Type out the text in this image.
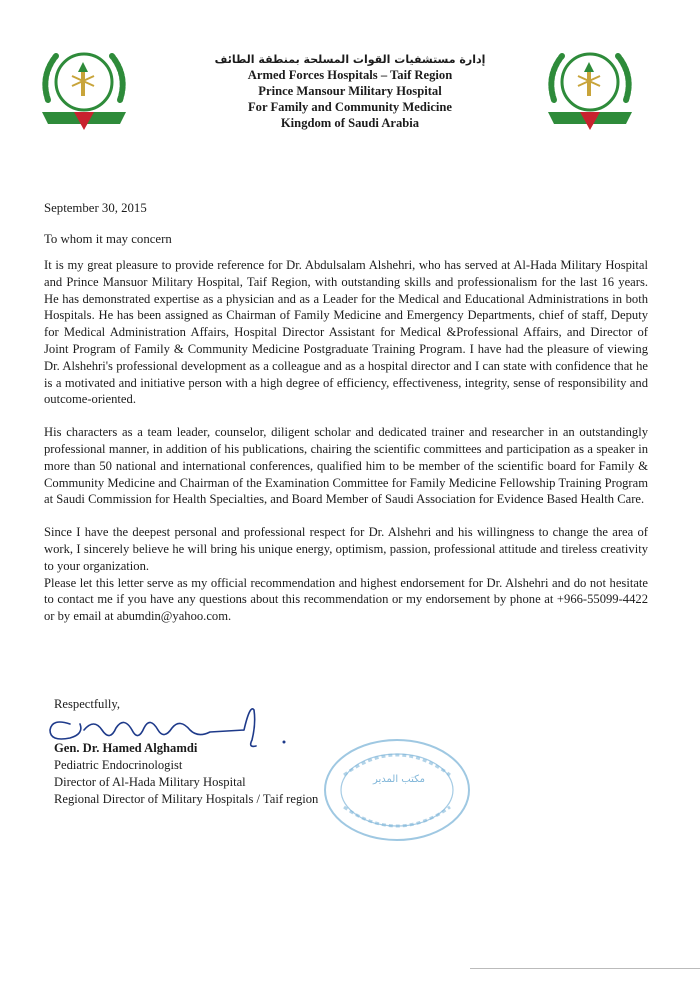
إدارة مستشفيات القوات المسلحة بمنطقة الطائف
Armed Forces Hospitals – Taif Region
Prince Mansour Military Hospital
For Family and Community Medicine
Kingdom of Saudi Arabia
September 30, 2015
To whom it may concern

It is my great pleasure to provide reference for Dr. Abdulsalam Alshehri, who has served at Al-Hada Military Hospital and Prince Mansuor Military Hospital, Taif Region, with outstanding skills and professionalism for the last 16 years. He has demonstrated expertise as a physician and as a Leader for the Medical and Educational Administrations in both Hospitals. He has been assigned as Chairman of Family Medicine and Emergency Departments, chief of staff, Deputy for Medical Administration Affairs, Hospital Director Assistant for Medical &Professional Affairs, and Director of Joint Program of Family & Community Medicine Postgraduate Training Program. I have had the pleasure of viewing Dr. Alshehri's professional development as a colleague and as a hospital director and I can state with confidence that he is a motivated and initiative person with a high degree of efficiency, effectiveness, integrity, sense of responsibility and outcome-oriented.

His characters as a team leader, counselor, diligent scholar and dedicated trainer and researcher in an outstandingly professional manner, in addition of his publications, chairing the scientific committees and participation as a speaker in more than 50 national and international conferences, qualified him to be member of the scientific board for Family & Community Medicine and Chairman of the Examination Committee for Family Medicine Fellowship Training Program at Saudi Commission for Health Specialties, and Board Member of Saudi Association for Evidence Based Health Care.

Since I have the deepest personal and professional respect for Dr. Alshehri and his willingness to change the area of work, I sincerely believe he will bring his unique energy, optimism, passion, professional attitude and tireless creativity to your organization.

Please let this letter serve as my official recommendation and highest endorsement for Dr. Alshehri and do not hesitate to contact me if you have any questions about this recommendation or my endorsement by phone at +966-55099-4422 or by email at abumdin@yahoo.com.

Respectfully,
Gen. Dr. Hamed Alghamdi
Pediatric Endocrinologist
Director of Al-Hada Military Hospital
Regional Director of Military Hospitals / Taif region
مكتب المدير
